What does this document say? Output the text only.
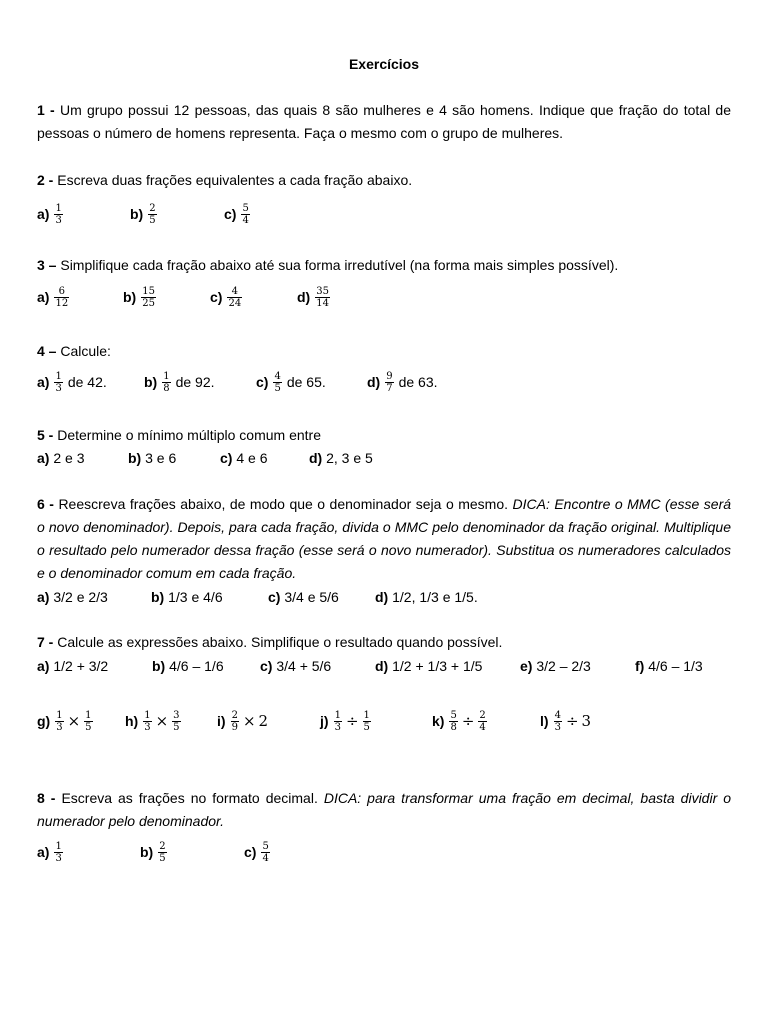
Exercícios

1 - Um grupo possui 12 pessoas, das quais 8 são mulheres e 4 são homens. Indique que fração do total de pessoas o número de homens representa. Faça o mesmo com o grupo de mulheres.

2 - Escreva duas frações equivalentes a cada fração abaixo.

$a) \frac{1}{3}$	$b) \frac{2}{5}$	$c) \frac{5}{4}$

3 – Simplifique cada fração abaixo até sua forma irredutível (na forma mais simples possível).

$a) \frac{6}{12}$	$b) \frac{15}{25}$	$c) \frac{4}{24}$	$d) \frac{35}{14}$

4 – Calcule:

$a) \frac{1}{3}$ de 42.	$b) \frac{1}{8}$ de 92.	$c) \frac{4}{5}$ de 65.	$d) \frac{9}{7}$ de 63.

5 - Determine o mínimo múltiplo comum entre

a) 2 e 3	b) 3 e 6	c) 4 e 6	d) 2, 3 e 5

6 - Reescreva frações abaixo, de modo que o denominador seja o mesmo. DICA: Encontre o MMC (esse será o novo denominador). Depois, para cada fração, divida o MMC pelo denominador da fração original. Multiplique o resultado pelo numerador dessa fração (esse será o novo numerador). Substitua os numeradores calculados e o denominador comum em cada fração.

a) 3/2 e 2/3	b) 1/3 e 4/6	c) 3/4 e 5/6	d) 1/2, 1/3 e 1/5.

7 - Calcule as expressões abaixo. Simplifique o resultado quando possível.

a) 1/2 + 3/2	b) 4/6 – 1/6	c) 3/4 + 5/6	d) 1/2 + 1/3 + 1/5	e) 3/2 – 2/3	f) 4/6 – 1/3

$g) \frac{1}{3} \times \frac{1}{5} h) \frac{1}{3} \times \frac{3}{5}$	$i) \frac{2}{9} \times 2$	$j) \frac{1}{3} \div \frac{1}{5}$	$k) \frac{5}{8} \div \frac{2}{4}$	$l) \frac{4}{3} \div 3$

8 - Escreva as frações no formato decimal. DICA: para transformar uma fração em decimal, basta dividir o numerador pelo denominador.

$a) \frac{1}{3}$	$b) \frac{2}{5}$	$c) \frac{5}{4}$
